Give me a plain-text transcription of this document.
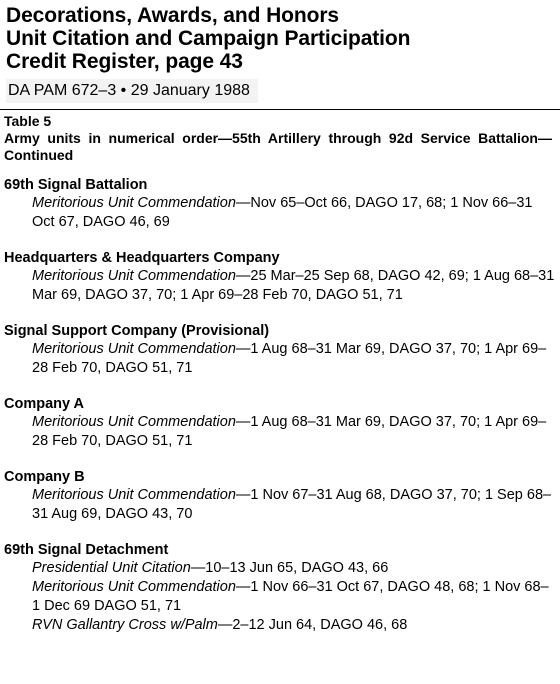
Decorations, Awards, and Honors
Unit Citation and Campaign Participation
Credit Register, page 43
DA PAM 672–3 • 29 January 1988
Table 5
Army units in numerical order—55th Artillery through 92d Service Battalion—Continued
69th Signal Battalion
Meritorious Unit Commendation—Nov 65–Oct 66, DAGO 17, 68; 1 Nov 66–31 Oct 67, DAGO 46, 69
Headquarters & Headquarters Company
Meritorious Unit Commendation—25 Mar–25 Sep 68, DAGO 42, 69; 1 Aug 68–31 Mar 69, DAGO 37, 70; 1 Apr 69–28 Feb 70, DAGO 51, 71
Signal Support Company (Provisional)
Meritorious Unit Commendation—1 Aug 68–31 Mar 69, DAGO 37, 70; 1 Apr 69–28 Feb 70, DAGO 51, 71
Company A
Meritorious Unit Commendation—1 Aug 68–31 Mar 69, DAGO 37, 70; 1 Apr 69–28 Feb 70, DAGO 51, 71
Company B
Meritorious Unit Commendation—1 Nov 67–31 Aug 68, DAGO 37, 70; 1 Sep 68–31 Aug 69, DAGO 43, 70
69th Signal Detachment
Presidential Unit Citation—10–13 Jun 65, DAGO 43, 66
Meritorious Unit Commendation—1 Nov 66–31 Oct 67, DAGO 48, 68; 1 Nov 68–1 Dec 69 DAGO 51, 71
RVN Gallantry Cross w/Palm—2–12 Jun 64, DAGO 46, 68
